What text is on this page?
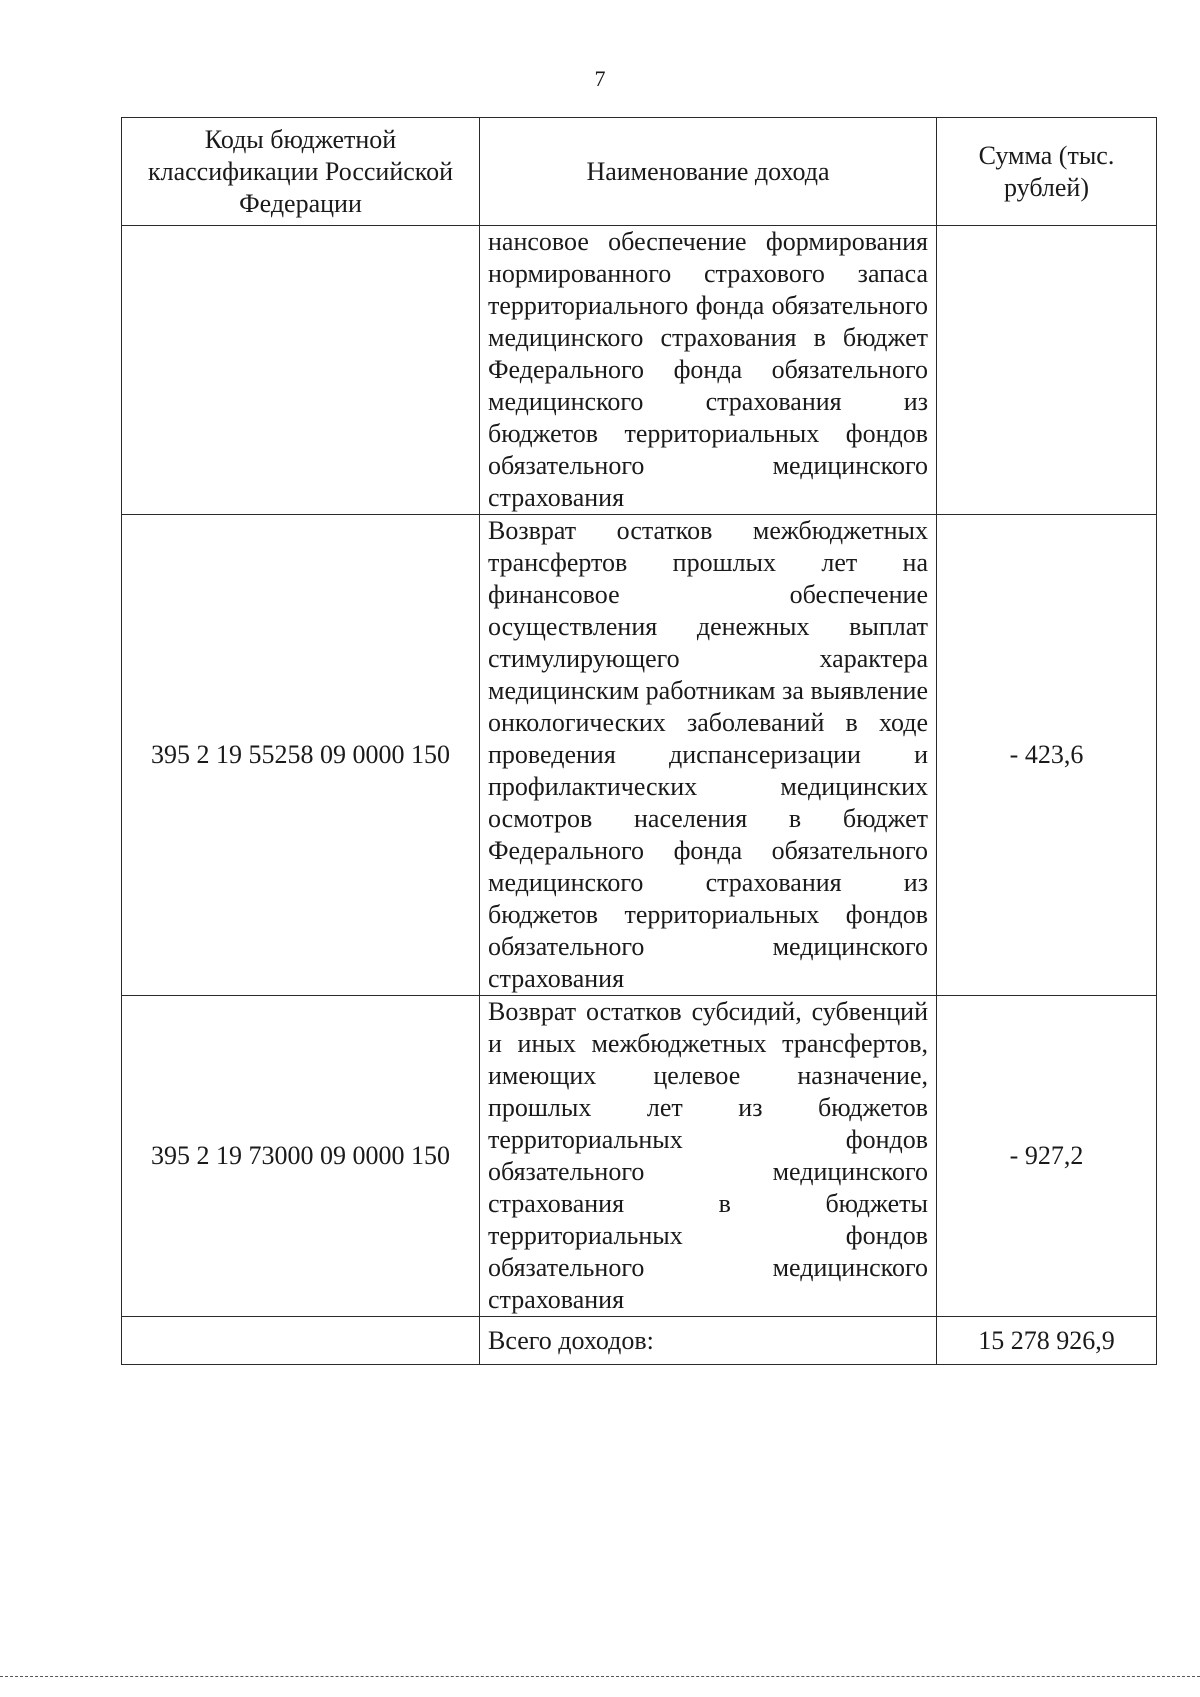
7
Коды бюджетной классификации Российской Федерации	Наименование дохода	Сумма (тыс. рублей)
	нансовое обеспечение формирования нормированного страхового запаса территориального фонда обязательного медицинского страхования в бюджет Федерального фонда обязательного медицинского страхования из бюджетов территориальных фондов обязательного медицинского страхования	
395 2 19 55258 09 0000 150	Возврат остатков межбюджетных трансфертов прошлых лет на финансовое обеспечение осуществления денежных выплат стимулирующего характера медицинским работникам за выявление онкологических заболеваний в ходе проведения диспансеризации и профилактических медицинских осмотров населения в бюджет Федерального фонда обязательного медицинского страхования из бюджетов территориальных фондов обязательного медицинского страхования	- 423,6
395 2 19 73000 09 0000 150	Возврат остатков субсидий, субвенций и иных межбюджетных трансфертов, имеющих целевое назначение, прошлых лет из бюджетов территориальных фондов обязательного медицинского страхования в бюджеты территориальных фондов обязательного медицинского страхования	- 927,2
	Всего доходов:	15 278 926,9
